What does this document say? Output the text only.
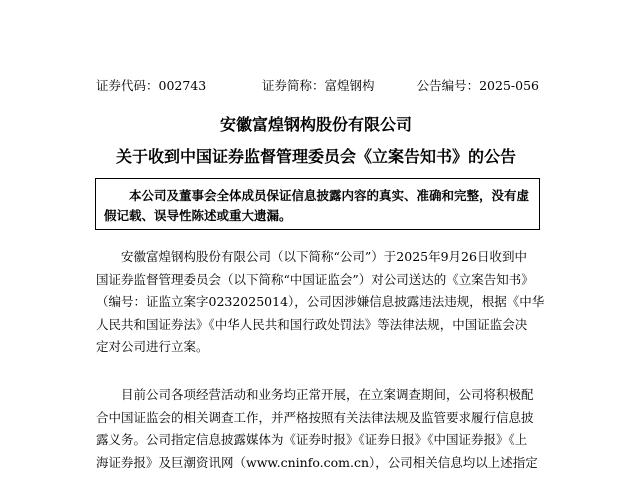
证券代码：002743	证券简称：富煌钢构	公告编号：2025-056
安徽富煌钢构股份有限公司
关于收到中国证券监督管理委员会《立案告知书》的公告
本公司及董事会全体成员保证信息披露内容的真实、准确和完整，没有虚
假记载、误导性陈述或重大遗漏。
安徽富煌钢构股份有限公司（以下简称“公司”）于2025年9月26日收到中
国证券监督管理委员会（以下简称“中国证监会”）对公司送达的《立案告知书》
（编号：证监立案字0232025014），公司因涉嫌信息披露违法违规，根据《中华
人民共和国证券法》《中华人民共和国行政处罚法》等法律法规，中国证监会决
定对公司进行立案。
目前公司各项经营活动和业务均正常开展，在立案调查期间，公司将积极配
合中国证监会的相关调查工作，并严格按照有关法律法规及监管要求履行信息披
露义务。公司指定信息披露媒体为《证券时报》《证券日报》《中国证券报》《上
海证券报》及巨潮资讯网（www.cninfo.com.cn），公司相关信息均以上述指定
